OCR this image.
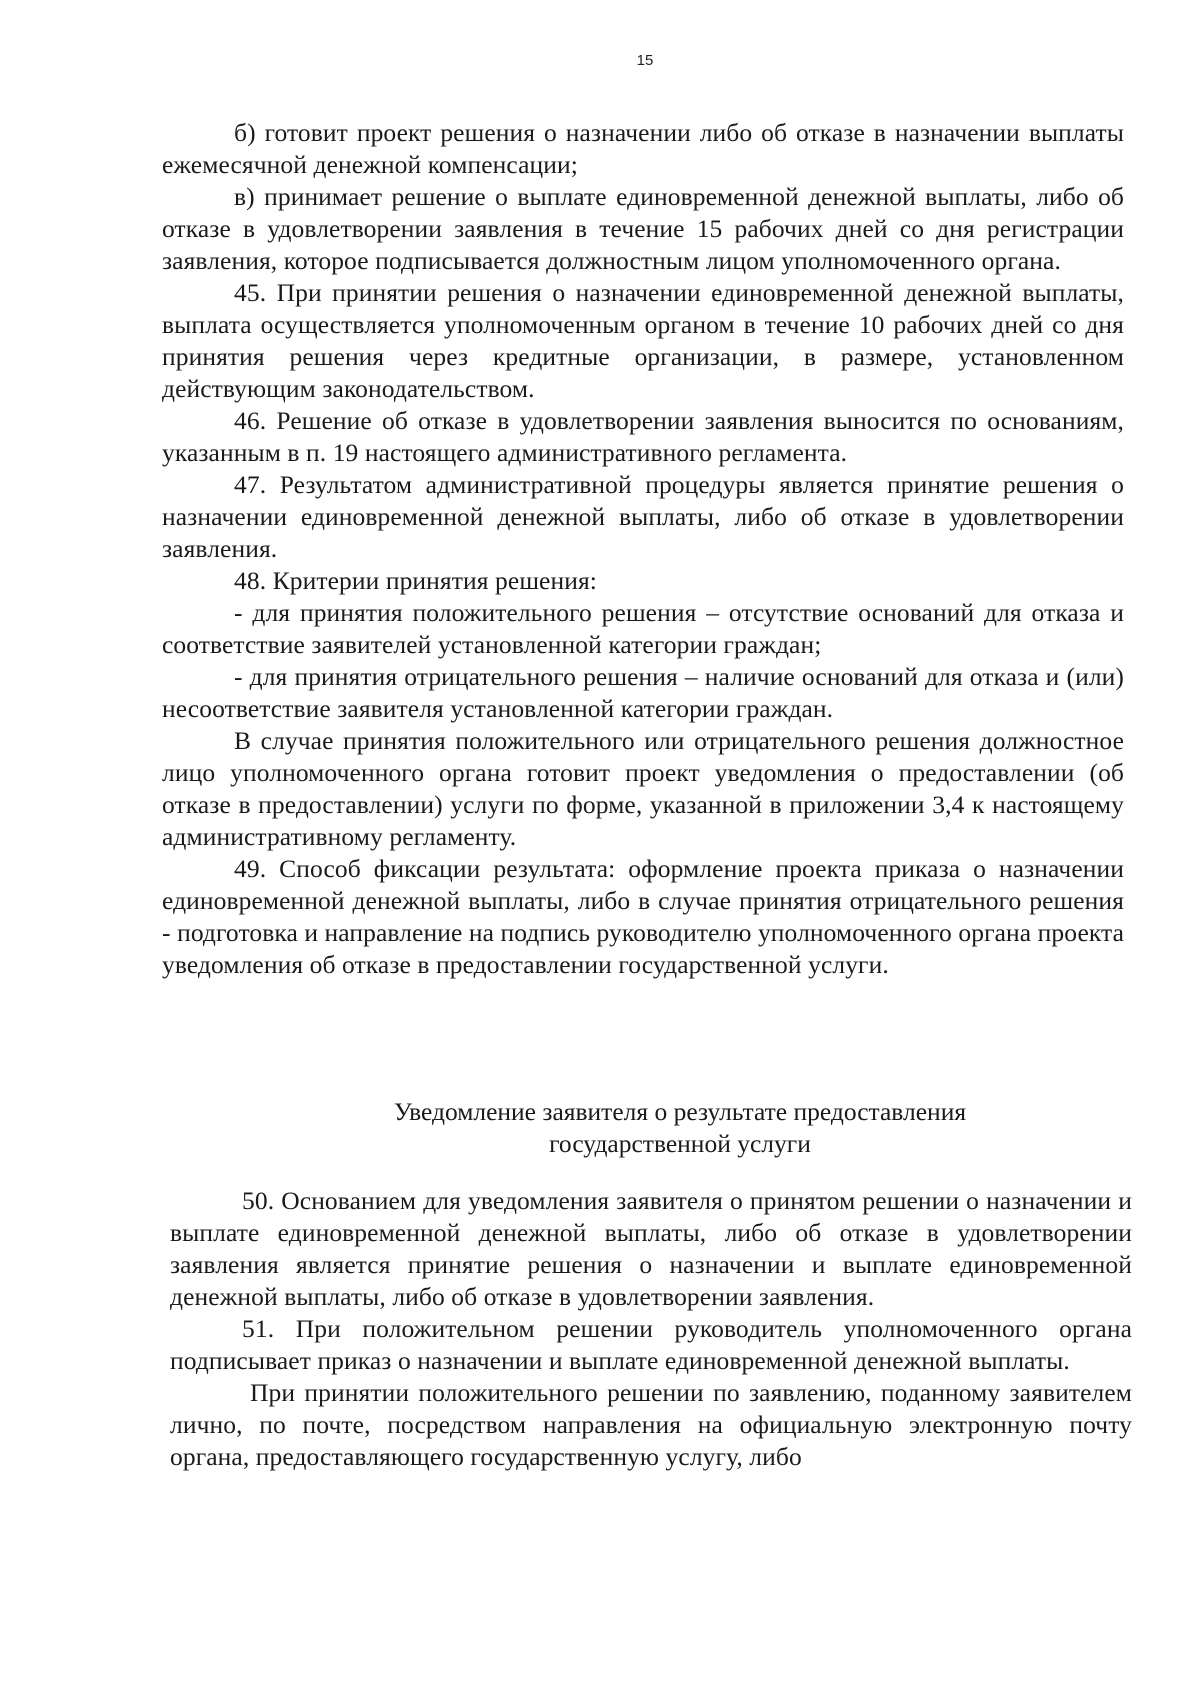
15

б) готовит проект решения о назначении либо об отказе в назначении выплаты ежемесячной денежной компенсации;

в) принимает решение о выплате единовременной денежной выплаты, либо об отказе в удовлетворении заявления в течение 15 рабочих дней со дня регистрации заявления, которое подписывается должностным лицом уполномоченного органа.

45. При принятии решения о назначении единовременной денежной выплаты, выплата осуществляется уполномоченным органом в течение 10 рабочих дней со дня принятия решения через кредитные организации, в размере, установленном действующим законодательством.

46. Решение об отказе в удовлетворении заявления выносится по основаниям, указанным в п. 19 настоящего административного регламента.

47. Результатом административной процедуры является принятие решения о назначении единовременной денежной выплаты, либо об отказе в удовлетворении заявления.

48. Критерии принятия решения:

- для принятия положительного решения – отсутствие оснований для отказа и соответствие заявителей установленной категории граждан;

- для принятия отрицательного решения – наличие оснований для отказа и (или) несоответствие заявителя установленной категории граждан.

В случае принятия положительного или отрицательного решения должностное лицо уполномоченного органа готовит проект уведомления о предоставлении (об отказе в предоставлении) услуги по форме, указанной в приложении 3,4 к настоящему административному регламенту.

49. Способ фиксации результата: оформление проекта приказа о назначении единовременной денежной выплаты, либо в случае принятия отрицательного решения - подготовка и направление на подпись руководителю уполномоченного органа проекта уведомления об отказе в предоставлении государственной услуги.

Уведомление заявителя о результате предоставления
государственной услуги

50. Основанием для уведомления заявителя о принятом решении о назначении и выплате единовременной денежной выплаты, либо об отказе в удовлетворении заявления является принятие решения о назначении и выплате единовременной денежной выплаты, либо об отказе в удовлетворении заявления.

51. При положительном решении руководитель уполномоченного органа подписывает приказ о назначении и выплате единовременной денежной выплаты.

При принятии положительного решении по заявлению, поданному заявителем лично, по почте, посредством направления на официальную электронную почту органа, предоставляющего государственную услугу, либо
